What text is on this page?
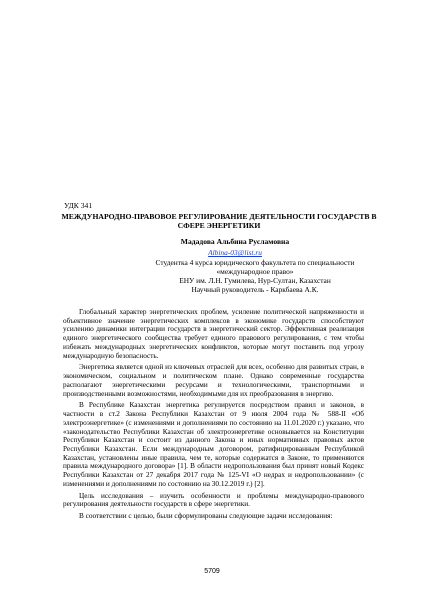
УДК 341
МЕЖДУНАРОДНО-ПРАВОВОЕ РЕГУЛИРОВАНИЕ ДЕЯТЕЛЬНОСТИ ГОСУДАРСТВ В СФЕРЕ ЭНЕРГЕТИКИ
Мададова Альбина Русламовна
Albina-03@list.ru
Студентка 4 курса юридического факультета по специальности «международное право»
ЕНУ им. Л.Н. Гумилева, Нур-Султан, Казахстан
Научный руководитель - Каркбаева А.К.

Глобальный характер энергетических проблем, усиление политической напряженности и объективное значение энергетических комплексов в экономике государств способствуют усилению динамики интеграции государств в энергетический сектор. Эффективная реализация единого энергетического сообщества требует единого правового регулирования, с тем чтобы избежать международных энергетических конфликтов, которые могут поставить под угрозу международную безопасность.

Энергетика является одной из ключевых отраслей для всех, особенно для развитых стран, в экономическом, социальном и политическом плане. Однако современные государства располагают энергетическими ресурсами и технологическими, транспортными и производственными возможностями, необходимыми для их преобразования в энергию.

В Республике Казахстан энергетика регулируется посредством правил и законов, в частности в ст.2 Закона Республики Казахстан от 9 июля 2004 года № 588-II «Об электроэнергетике» (с изменениями и дополнениями по состоянию на 11.01.2020 г.) указано, что «законодательство Республики Казахстан об электроэнергетике основывается на Конституции Республики Казахстан и состоит из данного Закона и иных нормативных правовых актов Республики Казахстан. Если международным договором, ратифицированным Республикой Казахстан, установлены иные правила, чем те, которые содержатся в Законе, то применяются правила международного договора» [1]. В области недропользования был принят новый Кодекс Республики Казахстан от 27 декабря 2017 года № 125-VI «О недрах и недропользовании» (с изменениями и дополнениями по состоянию на 30.12.2019 г.) [2].

Цель исследования – изучить особенности и проблемы международно-правового регулирования деятельности государств в сфере энергетики.

В соответствии с целью, были сформулированы следующие задачи исследования:

5709
